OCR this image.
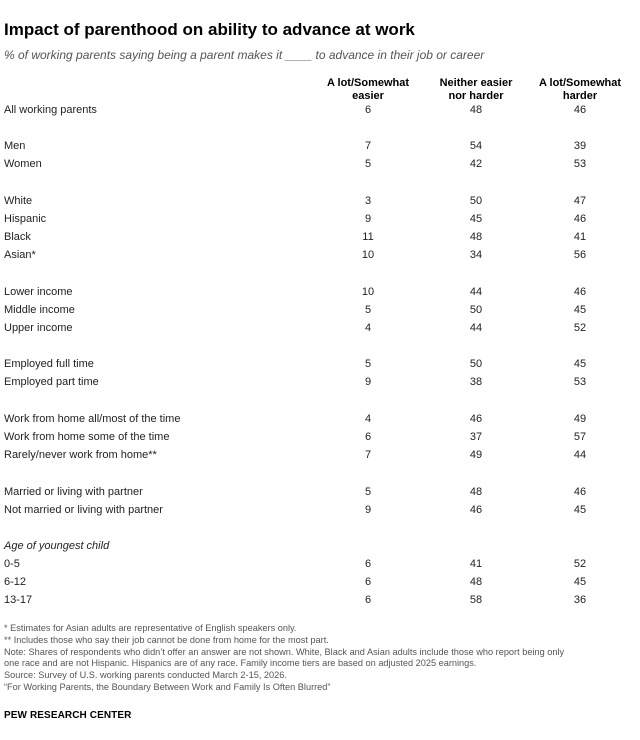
Impact of parenthood on ability to advance at work
% of working parents saying being a parent makes it ____ to advance in their job or career
A lot/Somewhat
easier
Neither easier
nor harder
A lot/Somewhat
harder
All working parents	6	48	46
Men	7	54	39
Women	5	42	53
White	3	50	47
Hispanic	9	45	46
Black	11	48	41
Asian*	10	34	56
Lower income	10	44	46
Middle income	5	50	45
Upper income	4	44	52
Employed full time	5	50	45
Employed part time	9	38	53
Work from home all/most of the time	4	46	49
Work from home some of the time	6	37	57
Rarely/never work from home**	7	49	44
Married or living with partner	5	48	46
Not married or living with partner	9	46	45
Age of youngest child
0-5	6	41	52
6-12	6	48	45
13-17	6	58	36
* Estimates for Asian adults are representative of English speakers only.
** Includes those who say their job cannot be done from home for the most part.
Note: Shares of respondents who didn’t offer an answer are not shown. White, Black and Asian adults include those who report being only
one race and are not Hispanic. Hispanics are of any race. Family income tiers are based on adjusted 2025 earnings.
Source: Survey of U.S. working parents conducted March 2-15, 2026.
“For Working Parents, the Boundary Between Work and Family Is Often Blurred”
PEW RESEARCH CENTER
